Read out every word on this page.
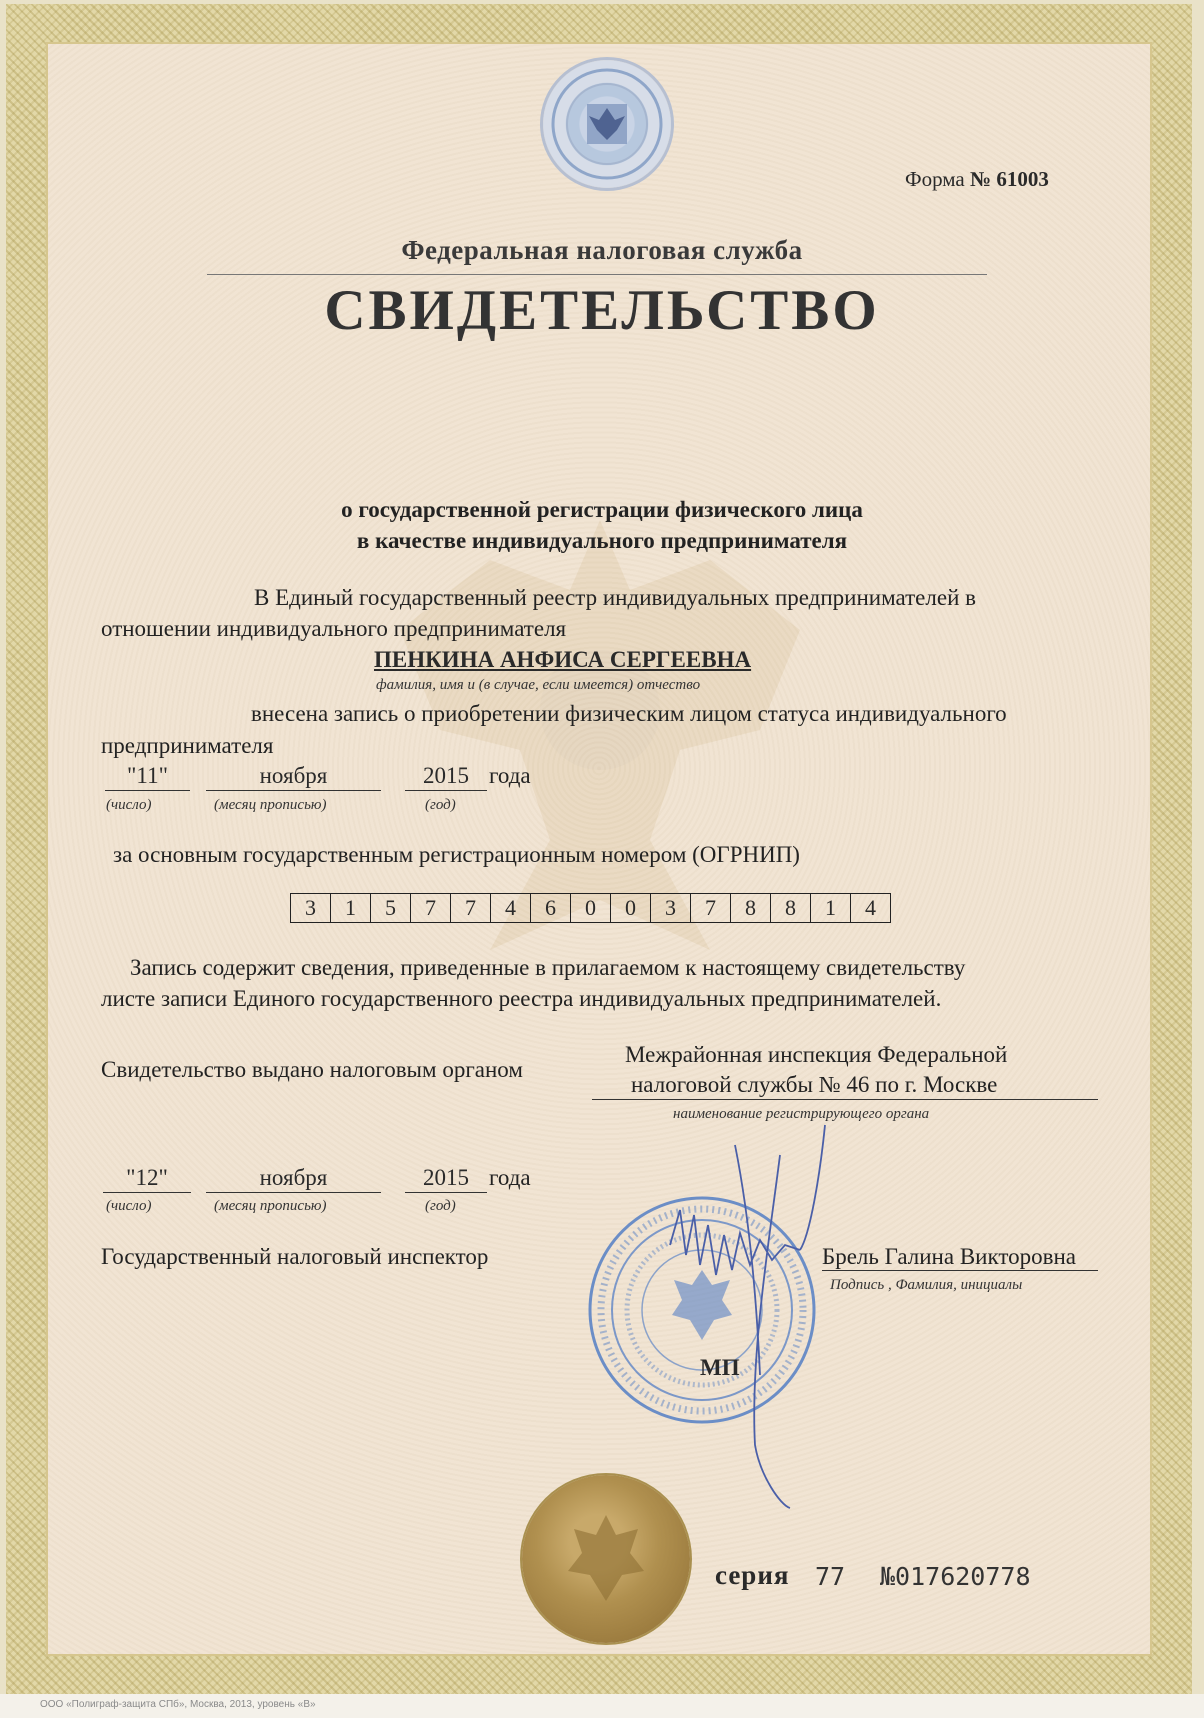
Форма № 61003
Федеральная налоговая служба
СВИДЕТЕЛЬСТВО
о государственной регистрации физического лица
в качестве индивидуального предпринимателя
В Единый государственный реестр индивидуальных предпринимателей в
отношении индивидуального предпринимателя
ПЕНКИНА АНФИСА СЕРГЕЕВНА
фамилия, имя и (в случае, если имеется) отчество
внесена запись о приобретении физическим лицом статуса индивидуального
предпринимателя
"11"	ноября	2015 года
(число)	(месяц прописью)	(год)
за основным государственным регистрационным номером (ОГРНИП)
3	1	5	7	7	4	6	0	0	3	7	8	8	1	4
Запись содержит сведения, приведенные в прилагаемом к настоящему свидетельству
листе записи Единого государственного реестра индивидуальных предпринимателей.
Свидетельство выдано налоговым органом
Межрайонная инспекция Федеральной
налоговой службы № 46 по г. Москве
наименование регистрирующего органа
"12"	ноября	2015 года
(число)	(месяц прописью)	(год)
Государственный налоговый инспектор	Брель Галина Викторовна
Подпись , Фамилия, инициалы
МП
серия 77 №017620778
ООО «Полиграф-защита СПб», Москва, 2013, уровень «В»
